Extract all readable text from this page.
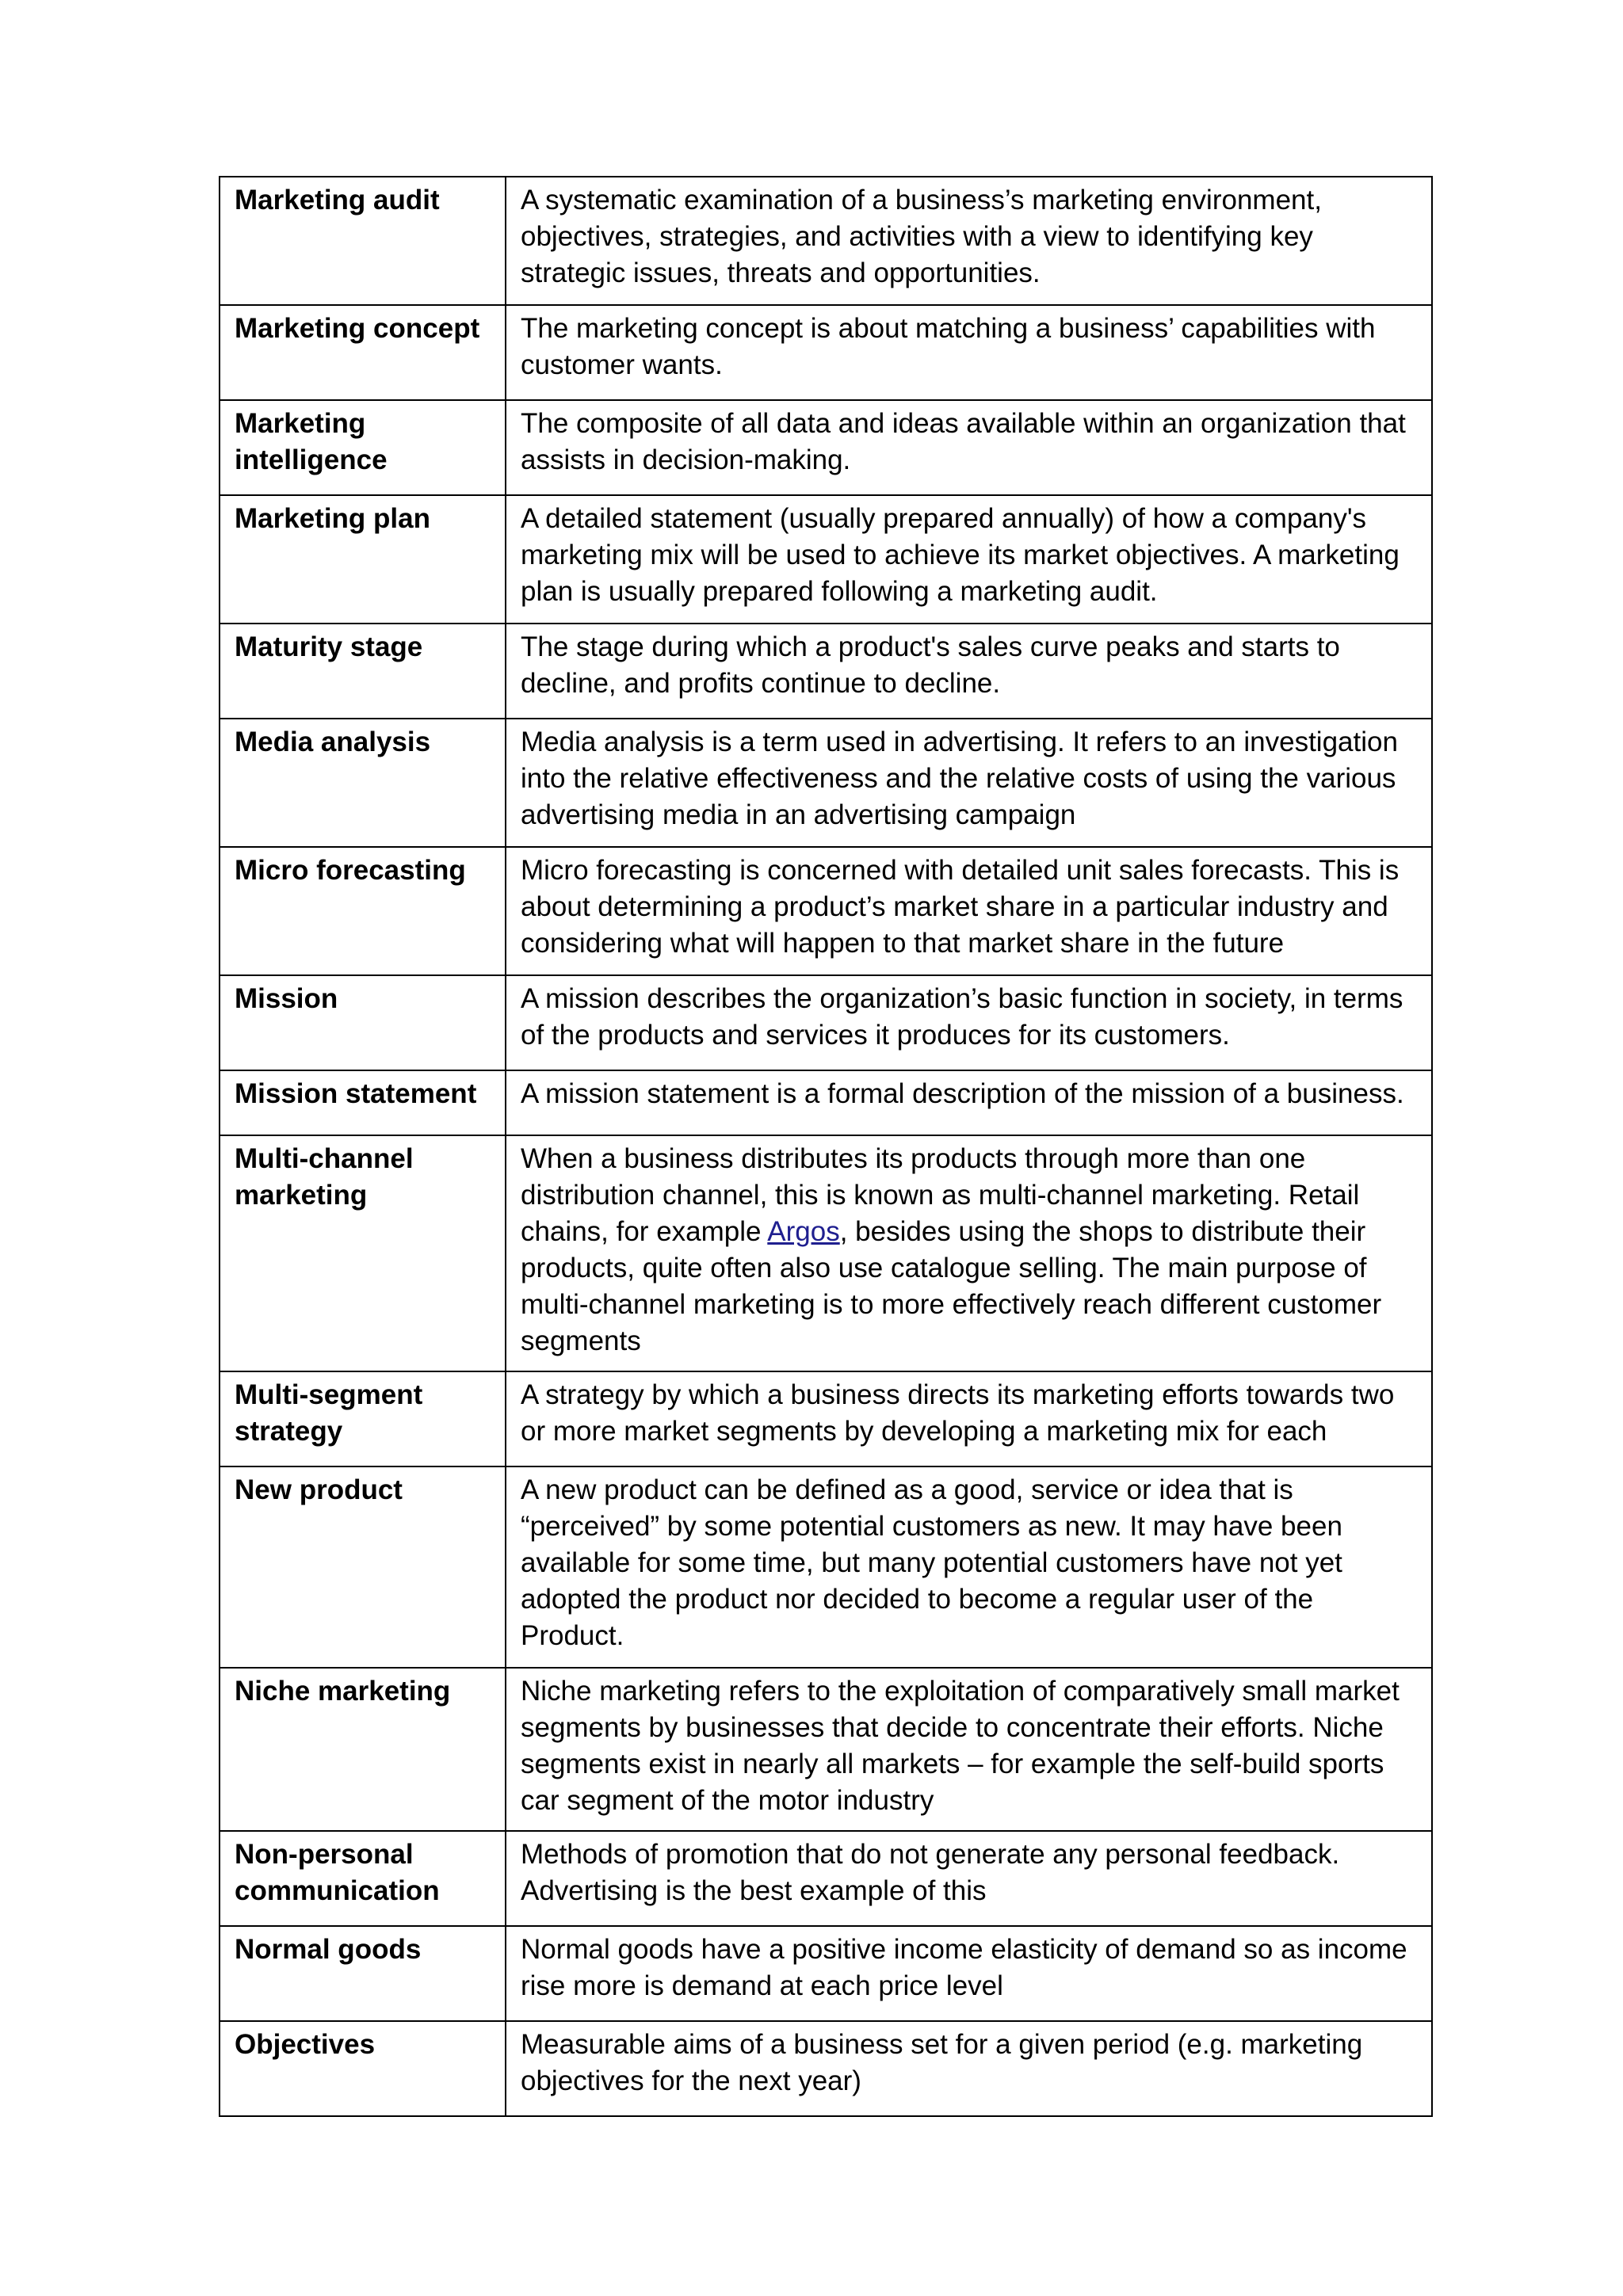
Marketing audit	A systematic examination of a business’s marketing environment, objectives, strategies, and activities with a view to identifying key strategic issues, threats and opportunities.
Marketing concept	The marketing concept is about matching a business’ capabilities with customer wants.
Marketing intelligence	The composite of all data and ideas available within an organization that assists in decision-making.
Marketing plan	A detailed statement (usually prepared annually) of how a company's marketing mix will be used to achieve its market objectives. A marketing plan is usually prepared following a marketing audit.
Maturity stage	The stage during which a product's sales curve peaks and starts to decline, and profits continue to decline.
Media analysis	Media analysis is a term used in advertising. It refers to an investigation into the relative effectiveness and the relative costs of using the various advertising media in an advertising campaign
Micro forecasting	Micro forecasting is concerned with detailed unit sales forecasts. This is about determining a product’s market share in a particular industry and considering what will happen to that market share in the future
Mission	A mission describes the organization’s basic function in society, in terms of the products and services it produces for its customers.
Mission statement	A mission statement is a formal description of the mission of a business.
Multi-channel marketing	When a business distributes its products through more than one distribution channel, this is known as multi-channel marketing. Retail chains, for example Argos, besides using the shops to distribute their products, quite often also use catalogue selling. The main purpose of multi-channel marketing is to more effectively reach different customer segments
Multi-segment strategy	A strategy by which a business directs its marketing efforts towards two or more market segments by developing a marketing mix for each
New product	A new product can be defined as a good, service or idea that is “perceived” by some potential customers as new. It may have been available for some time, but many potential customers have not yet adopted the product nor decided to become a regular user of the Product.
Niche marketing	Niche marketing refers to the exploitation of comparatively small market segments by businesses that decide to concentrate their efforts. Niche segments exist in nearly all markets – for example the self-build sports car segment of the motor industry
Non-personal communication	Methods of promotion that do not generate any personal feedback. Advertising is the best example of this
Normal goods	Normal goods have a positive income elasticity of demand so as income rise more is demand at each price level
Objectives	Measurable aims of a business set for a given period (e.g. marketing objectives for the next year)
